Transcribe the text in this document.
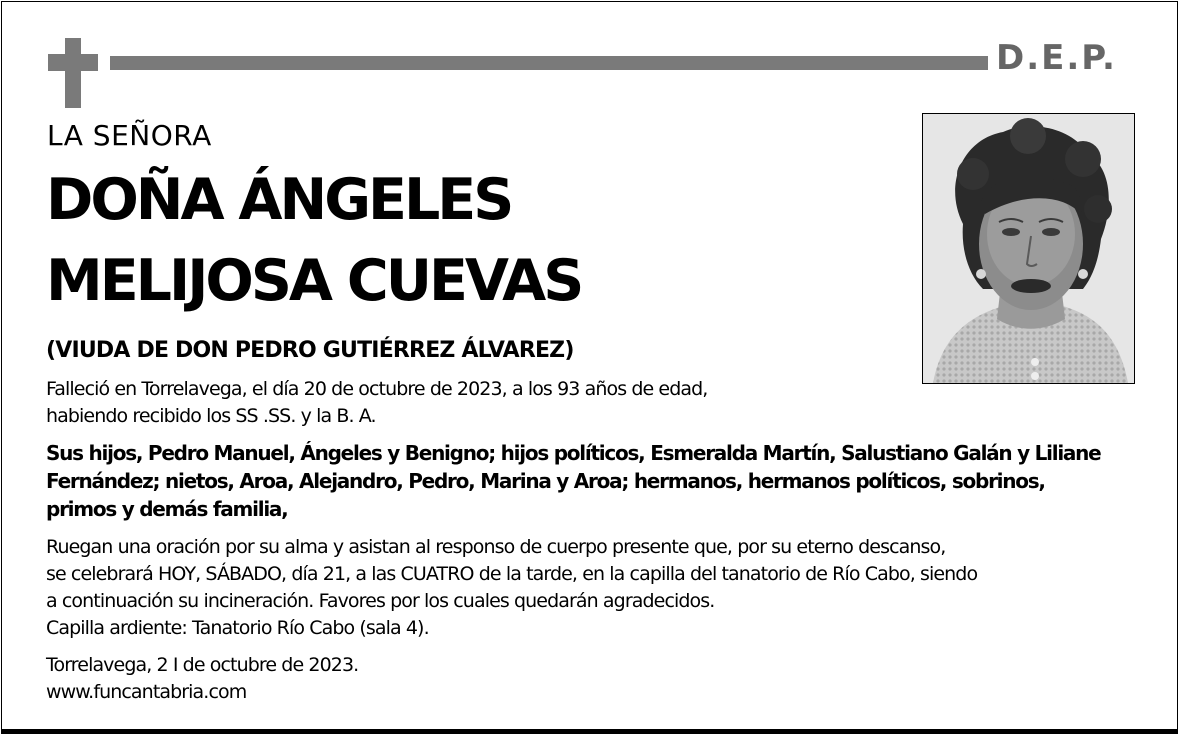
D.E.P.
LA SEÑORA
DOÑA ÁNGELES
MELIJOSA CUEVAS
(VIUDA DE DON PEDRO GUTIÉRREZ ÁLVAREZ)
Falleció en Torrelavega, el día 20 de octubre de 2023, a los 93 años de edad,
habiendo recibido los SS .SS. y la B. A.
Sus hijos, Pedro Manuel, Ángeles y Benigno; hijos políticos, Esmeralda Martín, Salustiano Galán y Liliane
Fernández; nietos, Aroa, Alejandro, Pedro, Marina y Aroa; hermanos, hermanos políticos, sobrinos,
primos y demás familia,
Ruegan una oración por su alma y asistan al responso de cuerpo presente que, por su eterno descanso,
se celebrará HOY, SÁBADO, día 21, a las CUATRO de la tarde, en la capilla del tanatorio de Río Cabo, siendo
a continuación su incineración. Favores por los cuales quedarán agradecidos.
Capilla ardiente: Tanatorio Río Cabo (sala 4).
Torrelavega, 2 I de octubre de 2023.
www.funcantabria.com
